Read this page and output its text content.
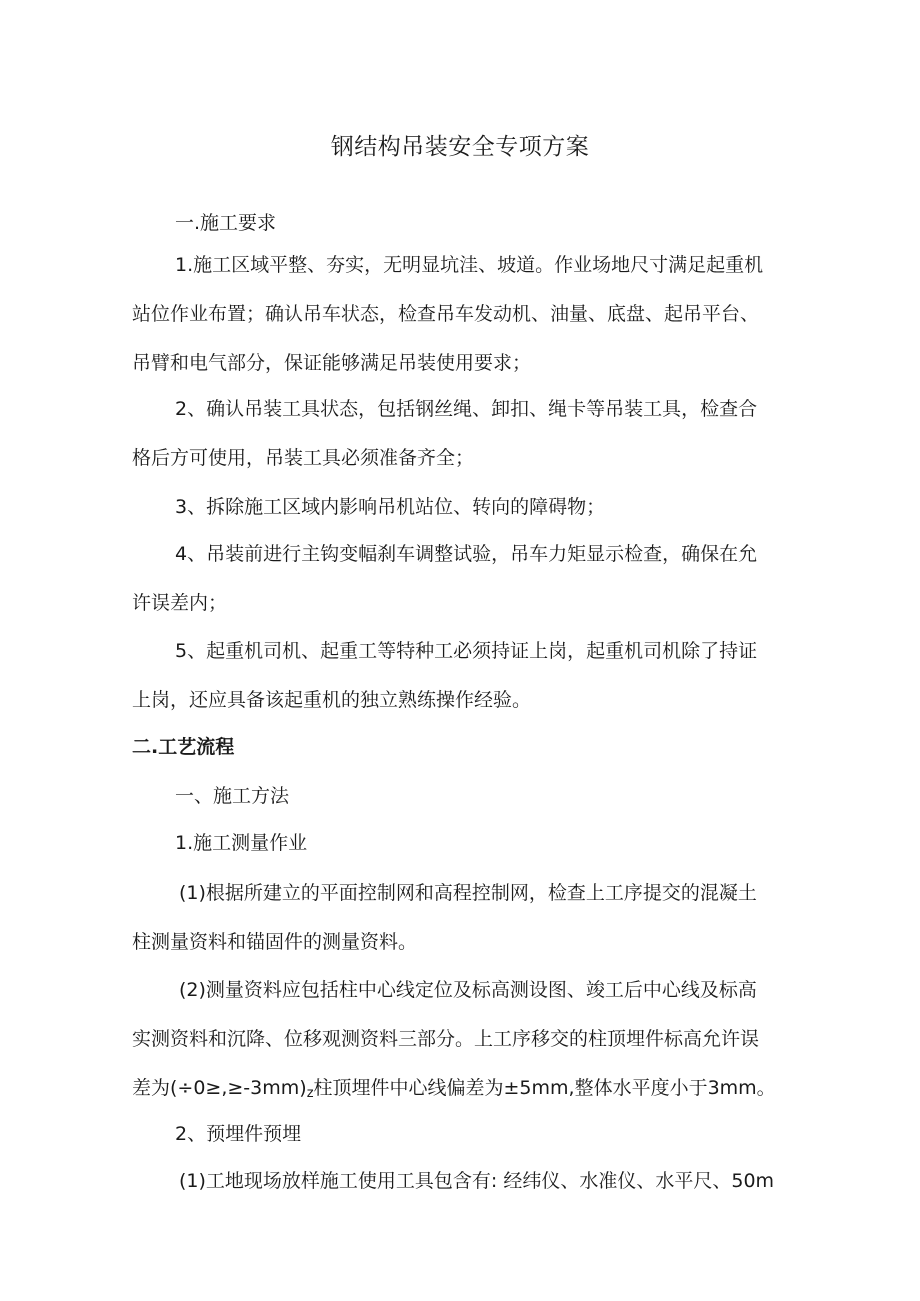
钢结构吊装安全专项方案

一.施工要求

1.施工区域平整、夯实，无明显坑洼、坡道。作业场地尺寸满足起重机
站位作业布置；确认吊车状态，检查吊车发动机、油量、底盘、起吊平台、
吊臂和电气部分，保证能够满足吊装使用要求；

2、确认吊装工具状态，包括钢丝绳、卸扣、绳卡等吊装工具，检查合
格后方可使用，吊装工具必须准备齐全；

3、拆除施工区域内影响吊机站位、转向的障碍物；

4、吊装前进行主钩变幅刹车调整试验，吊车力矩显示检查，确保在允
许误差内；

5、起重机司机、起重工等特种工必须持证上岗，起重机司机除了持证
上岗，还应具备该起重机的独立熟练操作经验。

二.工艺流程

一、施工方法

1.施工测量作业

(1)根据所建立的平面控制网和高程控制网，检查上工序提交的混凝土
柱测量资料和锚固件的测量资料。

(2)测量资料应包括柱中心线定位及标高测设图、竣工后中心线及标高
实测资料和沉降、位移观测资料三部分。上工序移交的柱顶埋件标高允许误
差为$(\div 0\ge,\ge-3mm)_z$柱顶埋件中心线偏差为±5mm,整体水平度小于3mm。

2、预埋件预埋

(1)工地现场放样施工使用工具包含有: 经纬仪、水准仪、水平尺、50m
